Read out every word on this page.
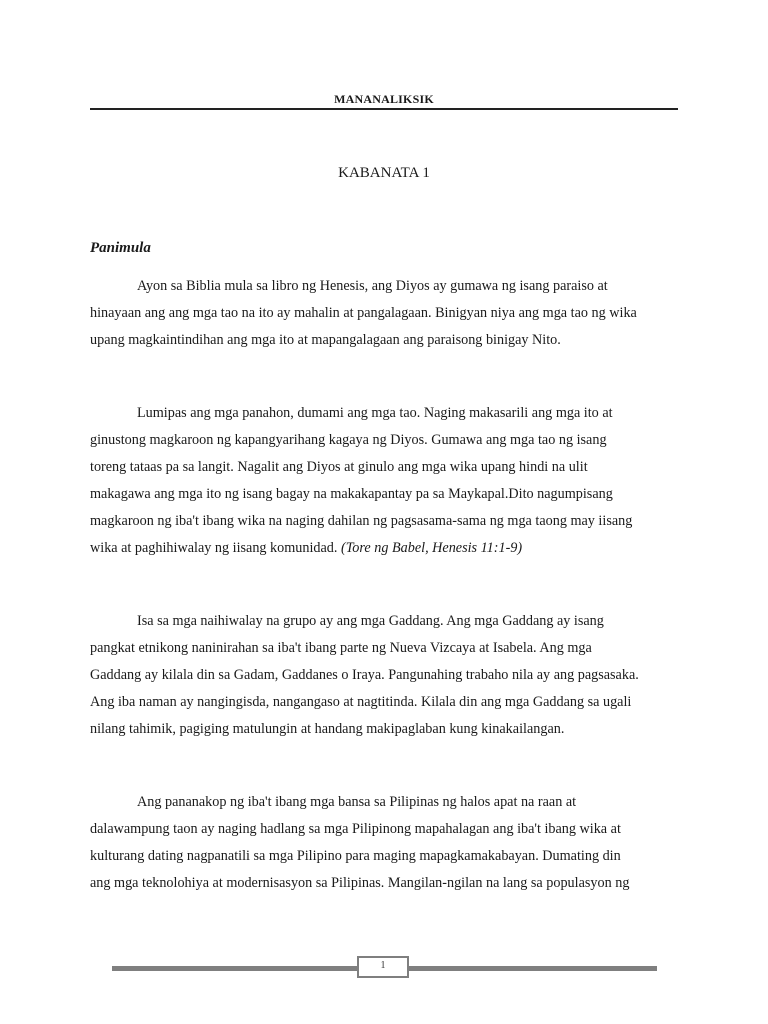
MANANALIKSIK
KABANATA 1
Panimula
Ayon sa Biblia mula sa libro ng Henesis, ang Diyos ay gumawa ng isang paraiso at
hinayaan ang ang mga tao na ito ay mahalin at pangalagaan. Binigyan niya ang mga tao ng wika
upang magkaintindihan ang mga ito at mapangalagaan ang paraisong binigay Nito.
Lumipas ang mga panahon, dumami ang mga tao. Naging makasarili ang mga ito at
ginustong magkaroon ng kapangyarihang kagaya ng Diyos. Gumawa ang mga tao ng isang
toreng tataas pa sa langit. Nagalit ang Diyos at ginulo ang mga wika upang hindi na ulit
makagawa ang mga ito ng isang bagay na makakapantay pa sa Maykapal.Dito nagumpisang
magkaroon ng iba't ibang wika na naging dahilan ng pagsasama-sama ng mga taong may iisang
wika at paghihiwalay ng iisang komunidad. (Tore ng Babel, Henesis 11:1-9)
Isa sa mga naihiwalay na grupo ay ang mga Gaddang. Ang mga Gaddang ay isang
pangkat etnikong naninirahan sa iba't ibang parte ng Nueva Vizcaya at Isabela. Ang mga
Gaddang ay kilala din sa Gadam, Gaddanes o Iraya. Pangunahing trabaho nila ay ang pagsasaka.
Ang iba naman ay nangingisda, nangangaso at nagtitinda. Kilala din ang mga Gaddang sa ugali
nilang tahimik, pagiging matulungin at handang makipaglaban kung kinakailangan.
Ang pananakop ng iba't ibang mga bansa sa Pilipinas ng halos apat na raan at
dalawampung taon ay naging hadlang sa mga Pilipinong mapahalagan ang iba't ibang wika at
kulturang dating nagpanatili sa mga Pilipino para maging mapagkamakabayan. Dumating din
ang mga teknolohiya at modernisasyon sa Pilipinas. Mangilan-ngilan na lang sa populasyon ng
1
